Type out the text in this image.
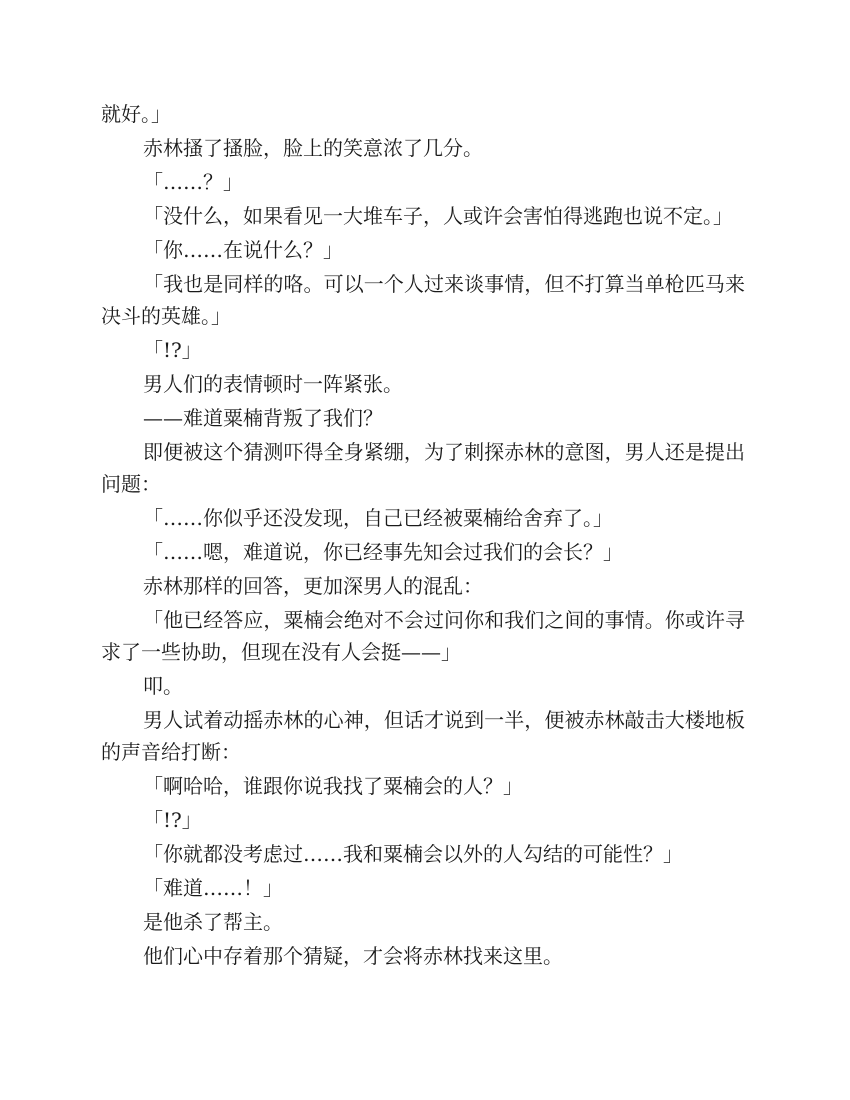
就好。」

赤林搔了搔脸，脸上的笑意浓了几分。

「……？」

「没什么，如果看见一大堆车子，人或许会害怕得逃跑也说不定。」

「你……在说什么？」

「我也是同样的咯。可以一个人过来谈事情，但不打算当单枪匹马来决斗的英雄。」

「!?」

男人们的表情顿时一阵紧张。

——难道粟楠背叛了我们？

即便被这个猜测吓得全身紧绷，为了刺探赤林的意图，男人还是提出问题：

「……你似乎还没发现，自己已经被粟楠给舍弃了。」

「……嗯，难道说，你已经事先知会过我们的会长？」

赤林那样的回答，更加深男人的混乱：

「他已经答应，粟楠会绝对不会过问你和我们之间的事情。你或许寻求了一些协助，但现在没有人会挺——」

叩。

男人试着动摇赤林的心神，但话才说到一半，便被赤林敲击大楼地板的声音给打断：

「啊哈哈，谁跟你说我找了粟楠会的人？」

「!?」

「你就都没考虑过……我和粟楠会以外的人勾结的可能性？」

「难道……！」

是他杀了帮主。

他们心中存着那个猜疑，才会将赤林找来这里。
